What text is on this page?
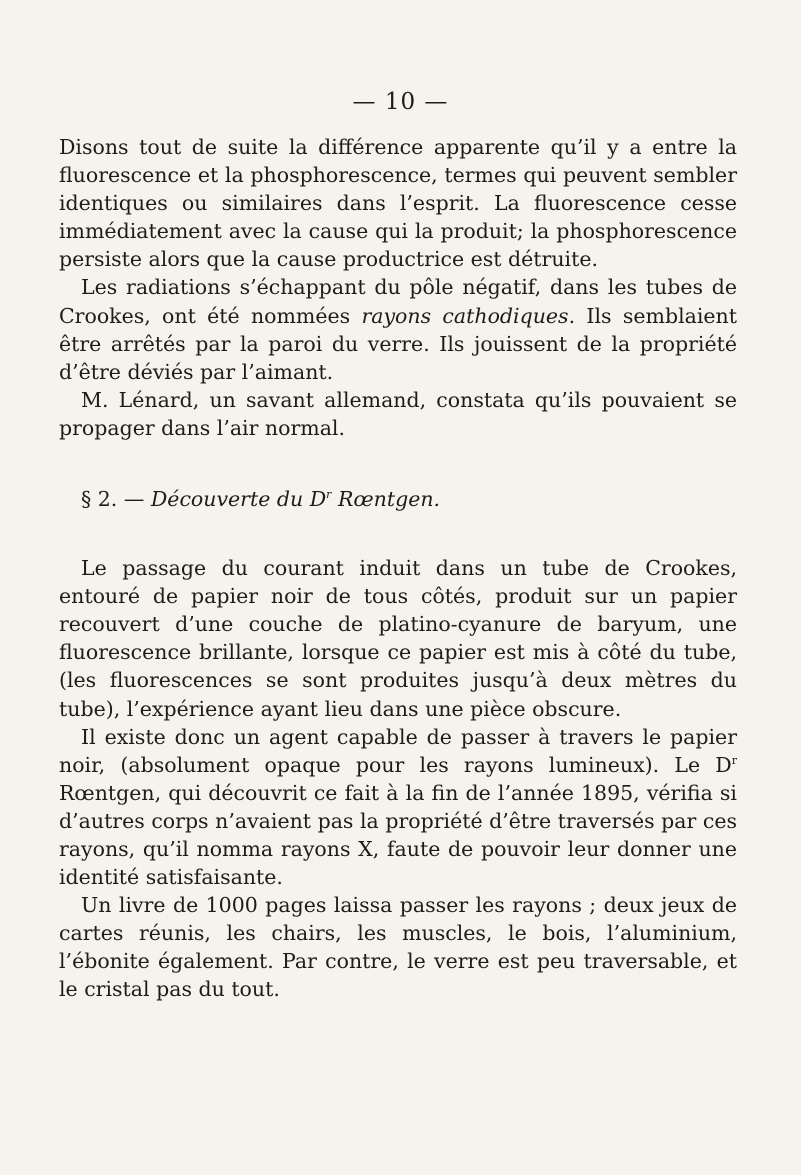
— 10 —

Disons tout de suite la différence apparente qu’il y a entre la fluorescence et la phosphorescence, termes qui peuvent sembler identiques ou similaires dans l’esprit. La fluorescence cesse immédiatement avec la cause qui la produit; la phosphorescence persiste alors que la cause productrice est détruite.

Les radiations s’échappant du pôle négatif, dans les tubes de Crookes, ont été nommées rayons cathodiques. Ils semblaient être arrêtés par la paroi du verre. Ils jouissent de la propriété d’être déviés par l’aimant.

M. Lénard, un savant allemand, constata qu’ils pouvaient se propager dans l’air normal.

§ 2. — Découverte du $D^r$ Rœntgen.

Le passage du courant induit dans un tube de Crookes, entouré de papier noir de tous côtés, produit sur un papier recouvert d’une couche de platino-cyanure de baryum, une fluorescence brillante, lorsque ce papier est mis à côté du tube, (les fluorescences se sont produites jusqu’à deux mètres du tube), l’expérience ayant lieu dans une pièce obscure.

Il existe donc un agent capable de passer à travers le papier noir, (absolument opaque pour les rayons lumineux). Le $D^r$ Rœntgen, qui découvrit ce fait à la fin de l’année 1895, vérifia si d’autres corps n’avaient pas la propriété d’être traversés par ces rayons, qu’il nomma rayons X, faute de pouvoir leur donner une identité satisfaisante.

Un livre de 1000 pages laissa passer les rayons ; deux jeux de cartes réunis, les chairs, les muscles, le bois, l’aluminium, l’ébonite également. Par contre, le verre est peu traversable, et le cristal pas du tout.
